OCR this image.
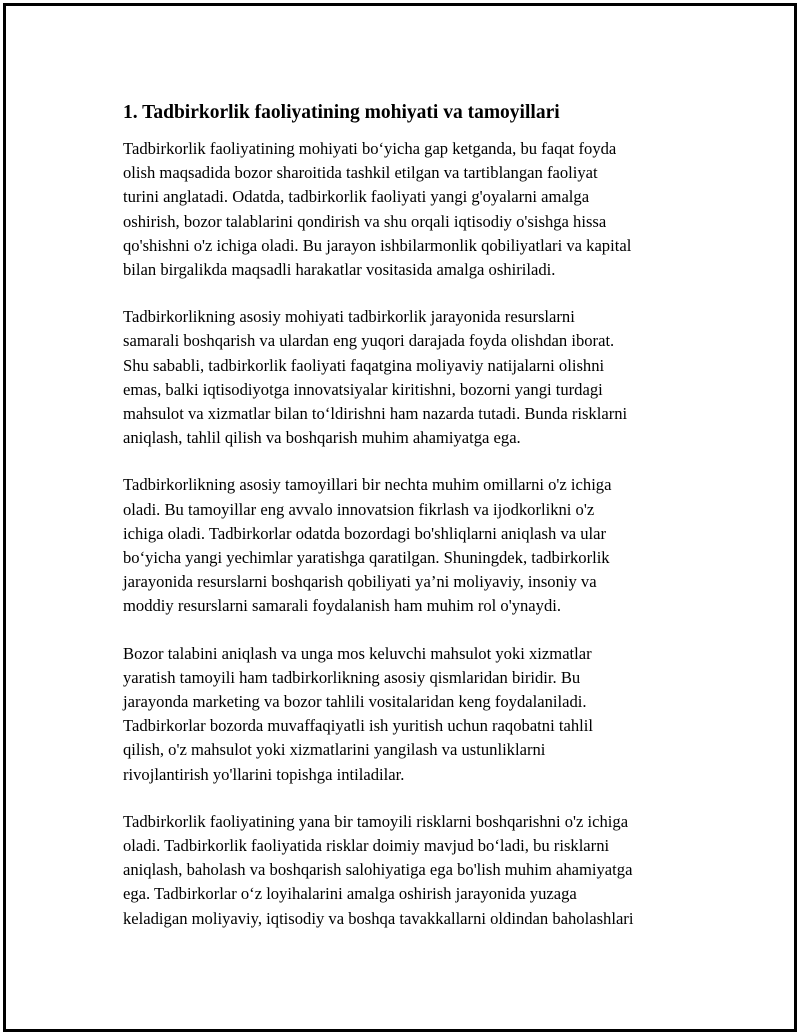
1. Tadbirkorlik faoliyatining mohiyati va tamoyillari
Tadbirkorlik faoliyatining mohiyati bo‘yicha gap ketganda, bu faqat foyda
olish maqsadida bozor sharoitida tashkil etilgan va tartiblangan faoliyat
turini anglatadi. Odatda, tadbirkorlik faoliyati yangi g'oyalarni amalga
oshirish, bozor talablarini qondirish va shu orqali iqtisodiy o'sishga hissa
qo'shishni o'z ichiga oladi. Bu jarayon ishbilarmonlik qobiliyatlari va kapital
bilan birgalikda maqsadli harakatlar vositasida amalga oshiriladi.
Tadbirkorlikning asosiy mohiyati tadbirkorlik jarayonida resurslarni
samarali boshqarish va ulardan eng yuqori darajada foyda olishdan iborat.
Shu sababli, tadbirkorlik faoliyati faqatgina moliyaviy natijalarni olishni
emas, balki iqtisodiyotga innovatsiyalar kiritishni, bozorni yangi turdagi
mahsulot va xizmatlar bilan to‘ldirishni ham nazarda tutadi. Bunda risklarni
aniqlash, tahlil qilish va boshqarish muhim ahamiyatga ega.
Tadbirkorlikning asosiy tamoyillari bir nechta muhim omillarni o'z ichiga
oladi. Bu tamoyillar eng avvalo innovatsion fikrlash va ijodkorlikni o'z
ichiga oladi. Tadbirkorlar odatda bozordagi bo'shliqlarni aniqlash va ular
bo‘yicha yangi yechimlar yaratishga qaratilgan. Shuningdek, tadbirkorlik
jarayonida resurslarni boshqarish qobiliyati ya’ni moliyaviy, insoniy va
moddiy resurslarni samarali foydalanish ham muhim rol o'ynaydi.
Bozor talabini aniqlash va unga mos keluvchi mahsulot yoki xizmatlar
yaratish tamoyili ham tadbirkorlikning asosiy qismlaridan biridir. Bu
jarayonda marketing va bozor tahlili vositalaridan keng foydalaniladi.
Tadbirkorlar bozorda muvaffaqiyatli ish yuritish uchun raqobatni tahlil
qilish, o'z mahsulot yoki xizmatlarini yangilash va ustunliklarni
rivojlantirish yo'llarini topishga intiladilar.
Tadbirkorlik faoliyatining yana bir tamoyili risklarni boshqarishni o'z ichiga
oladi. Tadbirkorlik faoliyatida risklar doimiy mavjud bo‘ladi, bu risklarni
aniqlash, baholash va boshqarish salohiyatiga ega bo'lish muhim ahamiyatga
ega. Tadbirkorlar o‘z loyihalarini amalga oshirish jarayonida yuzaga
keladigan moliyaviy, iqtisodiy va boshqa tavakkallarni oldindan baholashlari
